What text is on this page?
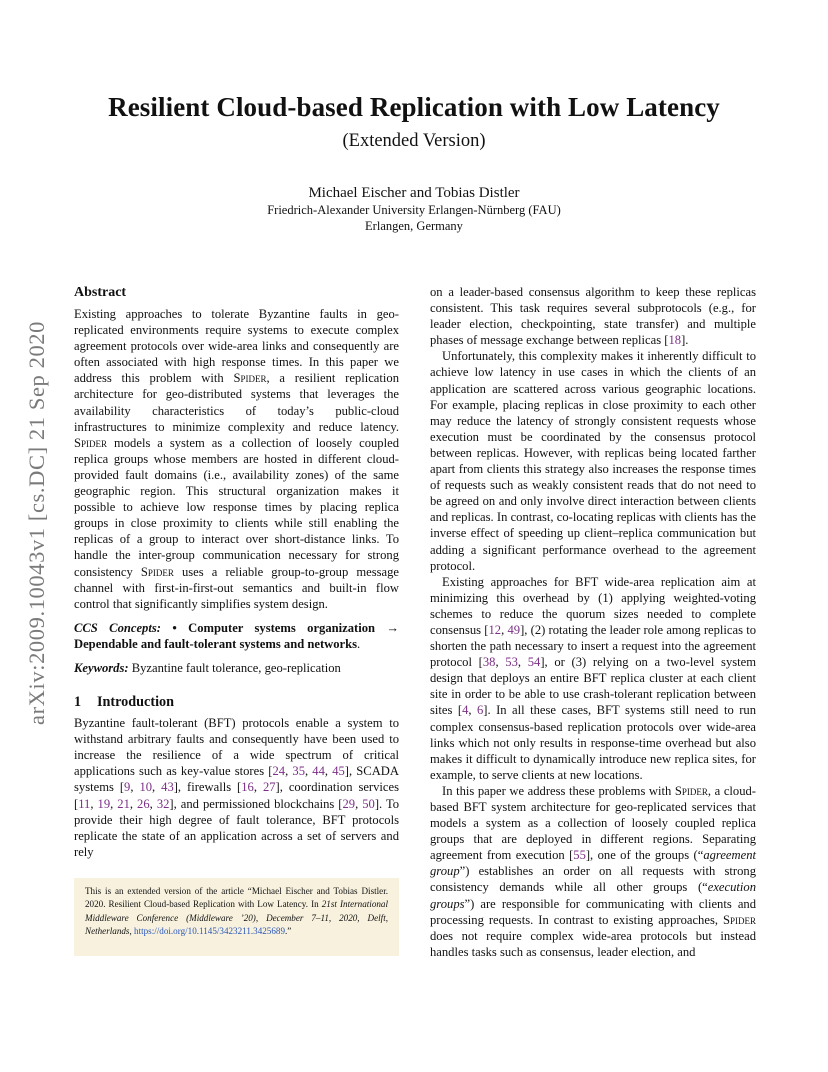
arXiv:2009.10043v1 [cs.DC] 21 Sep 2020
Resilient Cloud-based Replication with Low Latency
(Extended Version)
Michael Eischer and Tobias Distler
Friedrich-Alexander University Erlangen-Nürnberg (FAU)
Erlangen, Germany
Abstract

Existing approaches to tolerate Byzantine faults in geo-replicated environments require systems to execute complex agreement protocols over wide-area links and consequently are often associated with high response times. In this paper we address this problem with Spider, a resilient replication architecture for geo-distributed systems that leverages the availability characteristics of today’s public-cloud infrastructures to minimize complexity and reduce latency. Spider models a system as a collection of loosely coupled replica groups whose members are hosted in different cloud-provided fault domains (i.e., availability zones) of the same geographic region. This structural organization makes it possible to achieve low response times by placing replica groups in close proximity to clients while still enabling the replicas of a group to interact over short-distance links. To handle the inter-group communication necessary for strong consistency Spider uses a reliable group-to-group message channel with first-in-first-out semantics and built-in flow control that significantly simplifies system design.

CCS Concepts: • Computer systems organization → Dependable and fault-tolerant systems and networks.

Keywords: Byzantine fault tolerance, geo-replication

1 Introduction

Byzantine fault-tolerant (BFT) protocols enable a system to withstand arbitrary faults and consequently have been used to increase the resilience of a wide spectrum of critical applications such as key-value stores [24, 35, 44, 45], SCADA systems [9, 10, 43], firewalls [16, 27], coordination services [11, 19, 21, 26, 32], and permissioned blockchains [29, 50]. To provide their high degree of fault tolerance, BFT protocols replicate the state of an application across a set of servers and rely

This is an extended version of the article “Michael Eischer and Tobias Distler. 2020. Resilient Cloud-based Replication with Low Latency. In 21st International Middleware Conference (Middleware ’20), December 7–11, 2020, Delft, Netherlands, https://doi.org/10.1145/3423211.3425689.”

on a leader-based consensus algorithm to keep these replicas consistent. This task requires several subprotocols (e.g., for leader election, checkpointing, state transfer) and multiple phases of message exchange between replicas [18].

Unfortunately, this complexity makes it inherently difficult to achieve low latency in use cases in which the clients of an application are scattered across various geographic locations. For example, placing replicas in close proximity to each other may reduce the latency of strongly consistent requests whose execution must be coordinated by the consensus protocol between replicas. However, with replicas being located farther apart from clients this strategy also increases the response times of requests such as weakly consistent reads that do not need to be agreed on and only involve direct interaction between clients and replicas. In contrast, co-locating replicas with clients has the inverse effect of speeding up client–replica communication but adding a significant performance overhead to the agreement protocol.

Existing approaches for BFT wide-area replication aim at minimizing this overhead by (1) applying weighted-voting schemes to reduce the quorum sizes needed to complete consensus [12, 49], (2) rotating the leader role among replicas to shorten the path necessary to insert a request into the agreement protocol [38, 53, 54], or (3) relying on a two-level system design that deploys an entire BFT replica cluster at each client site in order to be able to use crash-tolerant replication between sites [4, 6]. In all these cases, BFT systems still need to run complex consensus-based replication protocols over wide-area links which not only results in response-time overhead but also makes it difficult to dynamically introduce new replica sites, for example, to serve clients at new locations.

In this paper we address these problems with Spider, a cloud-based BFT system architecture for geo-replicated services that models a system as a collection of loosely coupled replica groups that are deployed in different regions. Separating agreement from execution [55], one of the groups (“agreement group”) establishes an order on all requests with strong consistency demands while all other groups (“execution groups”) are responsible for communicating with clients and processing requests. In contrast to existing approaches, Spider does not require complex wide-area protocols but instead handles tasks such as consensus, leader election, and
